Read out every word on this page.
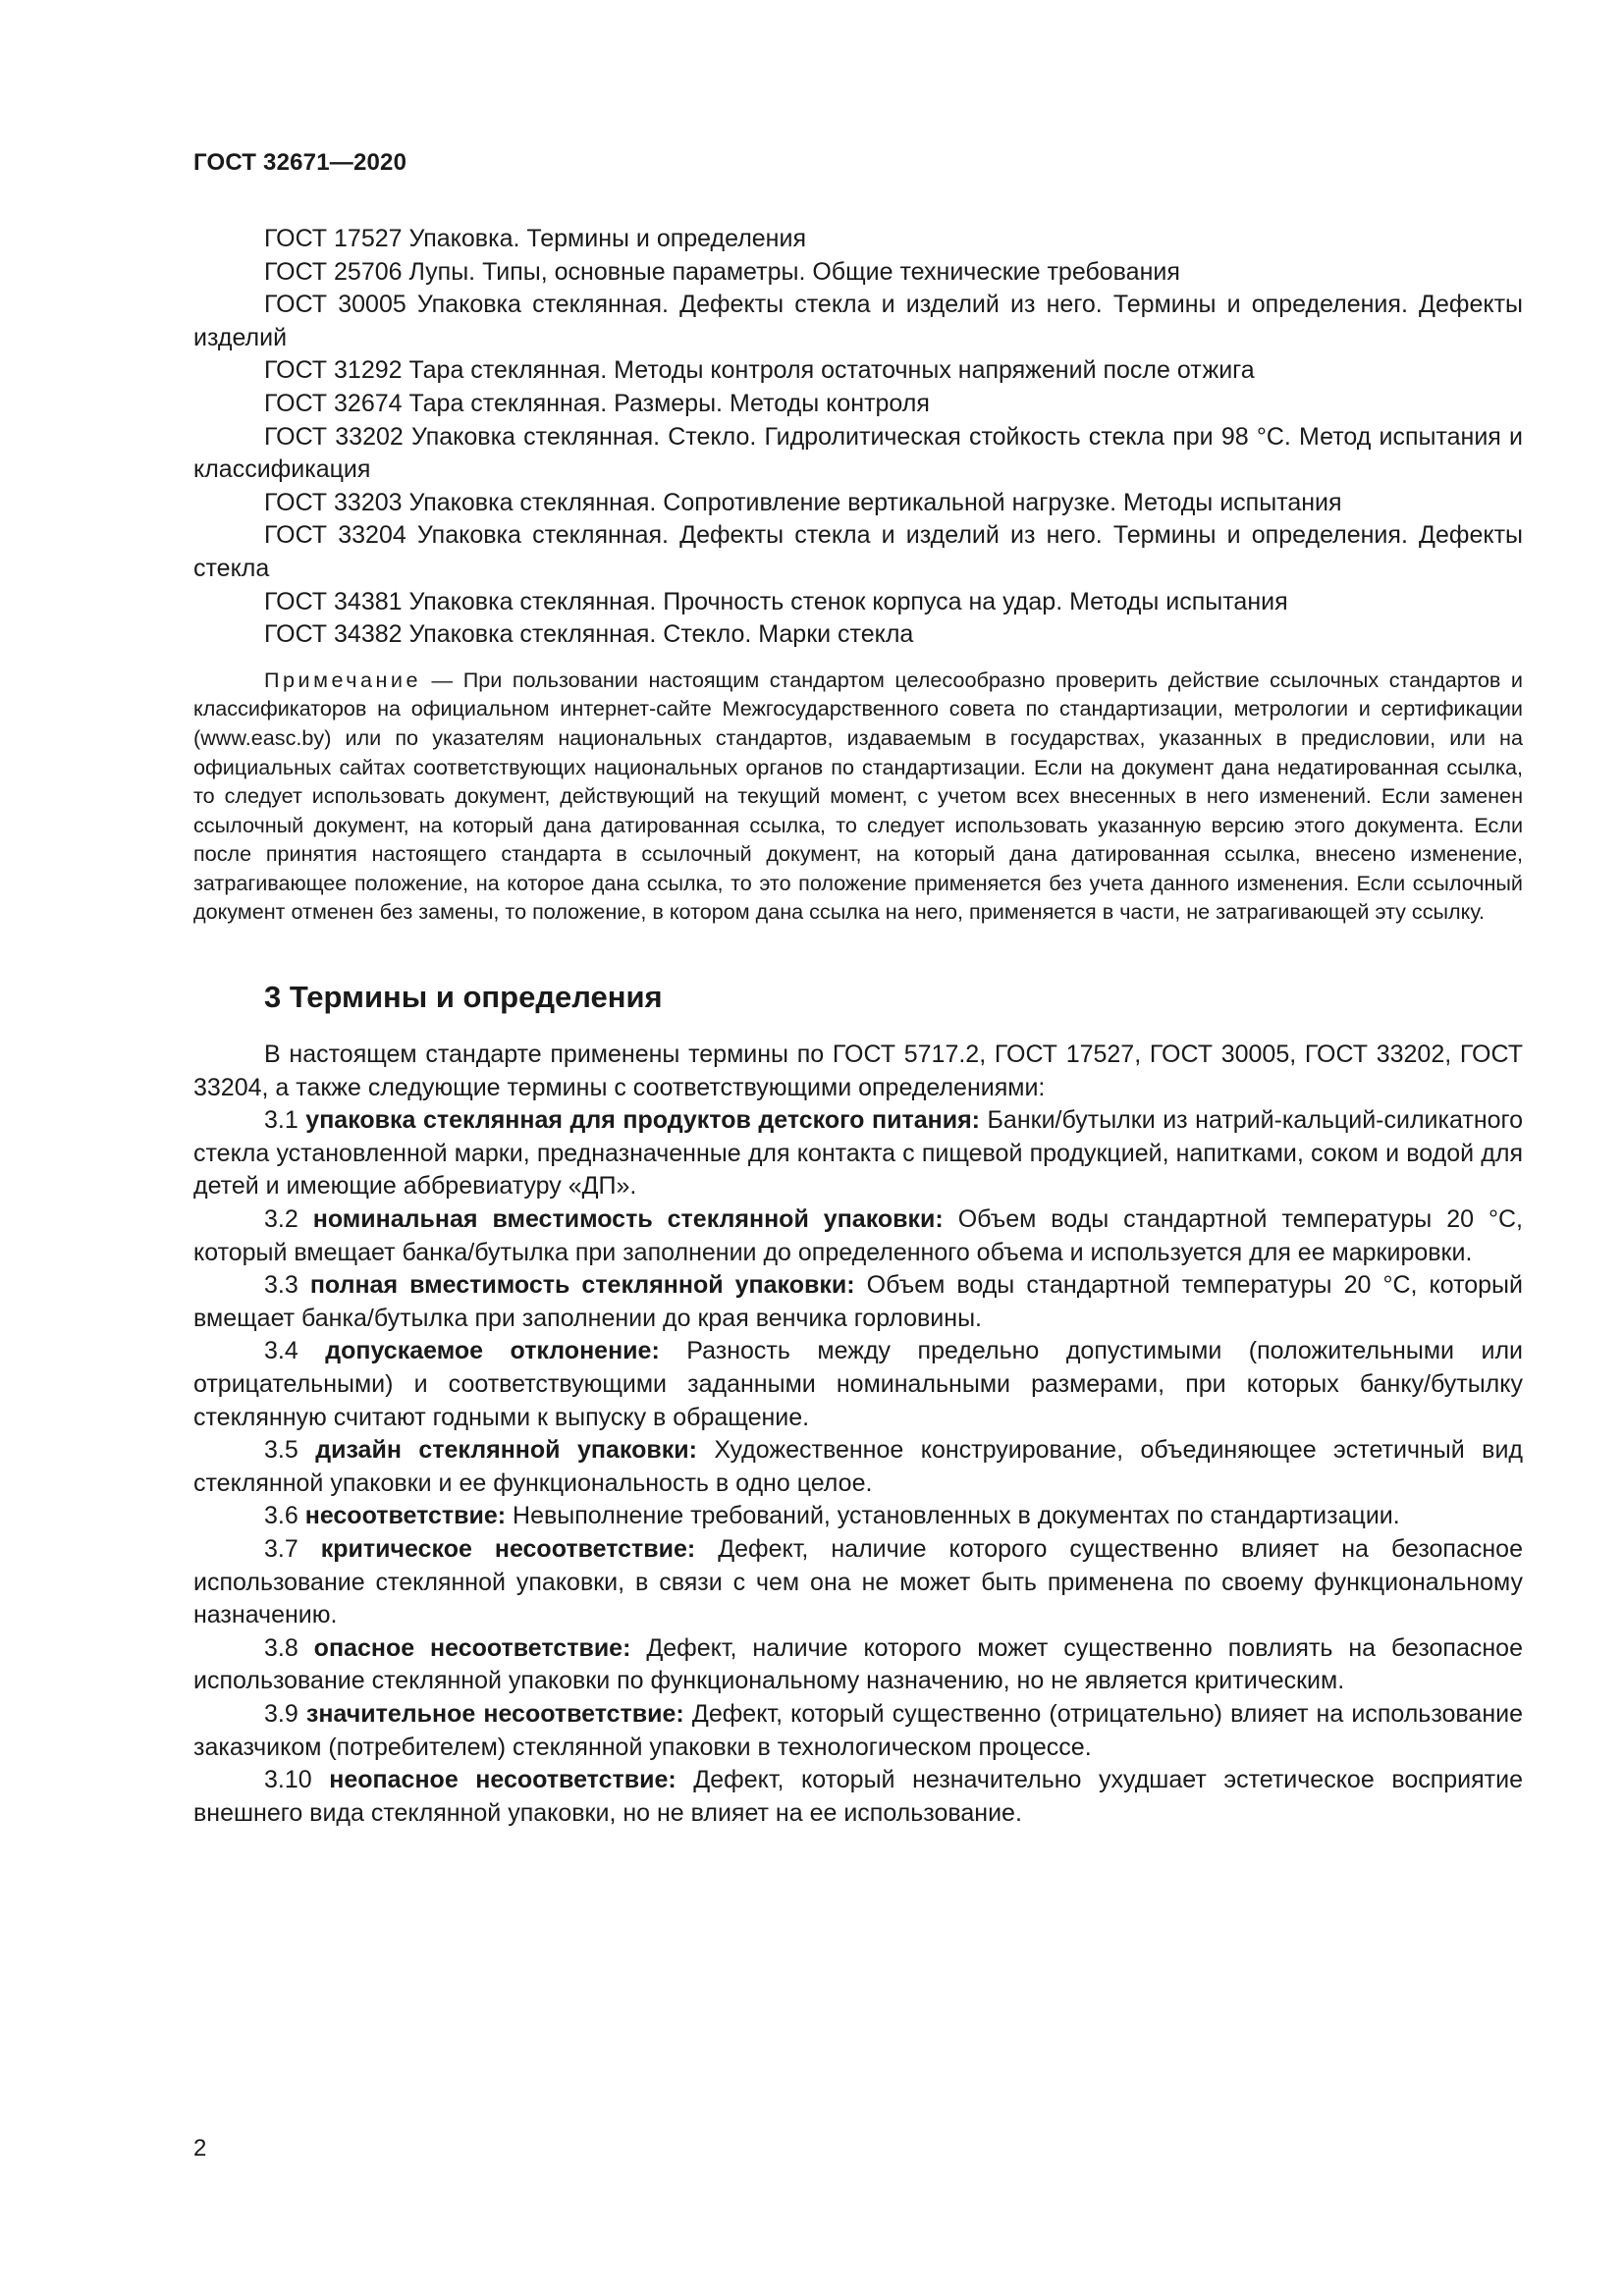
ГОСТ 32671—2020

ГОСТ 17527 Упаковка. Термины и определения

ГОСТ 25706 Лупы. Типы, основные параметры. Общие технические требования

ГОСТ 30005 Упаковка стеклянная. Дефекты стекла и изделий из него. Термины и определения. Дефекты изделий

ГОСТ 31292 Тара стеклянная. Методы контроля остаточных напряжений после отжига

ГОСТ 32674 Тара стеклянная. Размеры. Методы контроля

ГОСТ 33202 Упаковка стеклянная. Стекло. Гидролитическая стойкость стекла при 98 °C. Метод испытания и классификация

ГОСТ 33203 Упаковка стеклянная. Сопротивление вертикальной нагрузке. Методы испытания

ГОСТ 33204 Упаковка стеклянная. Дефекты стекла и изделий из него. Термины и определения. Дефекты стекла

ГОСТ 34381 Упаковка стеклянная. Прочность стенок корпуса на удар. Методы испытания

ГОСТ 34382 Упаковка стеклянная. Стекло. Марки стекла

Примечание — При пользовании настоящим стандартом целесообразно проверить действие ссылочных стандартов и классификаторов на официальном интернет-сайте Межгосударственного совета по стандартизации, метрологии и сертификации (www.easc.by) или по указателям национальных стандартов, издаваемым в государствах, указанных в предисловии, или на официальных сайтах соответствующих национальных органов по стандартизации. Если на документ дана недатированная ссылка, то следует использовать документ, действующий на текущий момент, с учетом всех внесенных в него изменений. Если заменен ссылочный документ, на который дана датированная ссылка, то следует использовать указанную версию этого документа. Если после принятия настоящего стандарта в ссылочный документ, на который дана датированная ссылка, внесено изменение, затрагивающее положение, на которое дана ссылка, то это положение применяется без учета данного изменения. Если ссылочный документ отменен без замены, то положение, в котором дана ссылка на него, применяется в части, не затрагивающей эту ссылку.

3 Термины и определения

В настоящем стандарте применены термины по ГОСТ 5717.2, ГОСТ 17527, ГОСТ 30005, ГОСТ 33202, ГОСТ 33204, а также следующие термины с соответствующими определениями:

3.1 упаковка стеклянная для продуктов детского питания: Банки/бутылки из натрий-кальций-силикатного стекла установленной марки, предназначенные для контакта с пищевой продукцией, напитками, соком и водой для детей и имеющие аббревиатуру «ДП».

3.2 номинальная вместимость стеклянной упаковки: Объем воды стандартной температуры 20 °C, который вмещает банка/бутылка при заполнении до определенного объема и используется для ее маркировки.

3.3 полная вместимость стеклянной упаковки: Объем воды стандартной температуры 20 °C, который вмещает банка/бутылка при заполнении до края венчика горловины.

3.4 допускаемое отклонение: Разность между предельно допустимыми (положительными или отрицательными) и соответствующими заданными номинальными размерами, при которых банку/бутылку стеклянную считают годными к выпуску в обращение.

3.5 дизайн стеклянной упаковки: Художественное конструирование, объединяющее эстетичный вид стеклянной упаковки и ее функциональность в одно целое.

3.6 несоответствие: Невыполнение требований, установленных в документах по стандартизации.

3.7 критическое несоответствие: Дефект, наличие которого существенно влияет на безопасное использование стеклянной упаковки, в связи с чем она не может быть применена по своему функциональному назначению.

3.8 опасное несоответствие: Дефект, наличие которого может существенно повлиять на безопасное использование стеклянной упаковки по функциональному назначению, но не является критическим.

3.9 значительное несоответствие: Дефект, который существенно (отрицательно) влияет на использование заказчиком (потребителем) стеклянной упаковки в технологическом процессе.

3.10 неопасное несоответствие: Дефект, который незначительно ухудшает эстетическое восприятие внешнего вида стеклянной упаковки, но не влияет на ее использование.

2
